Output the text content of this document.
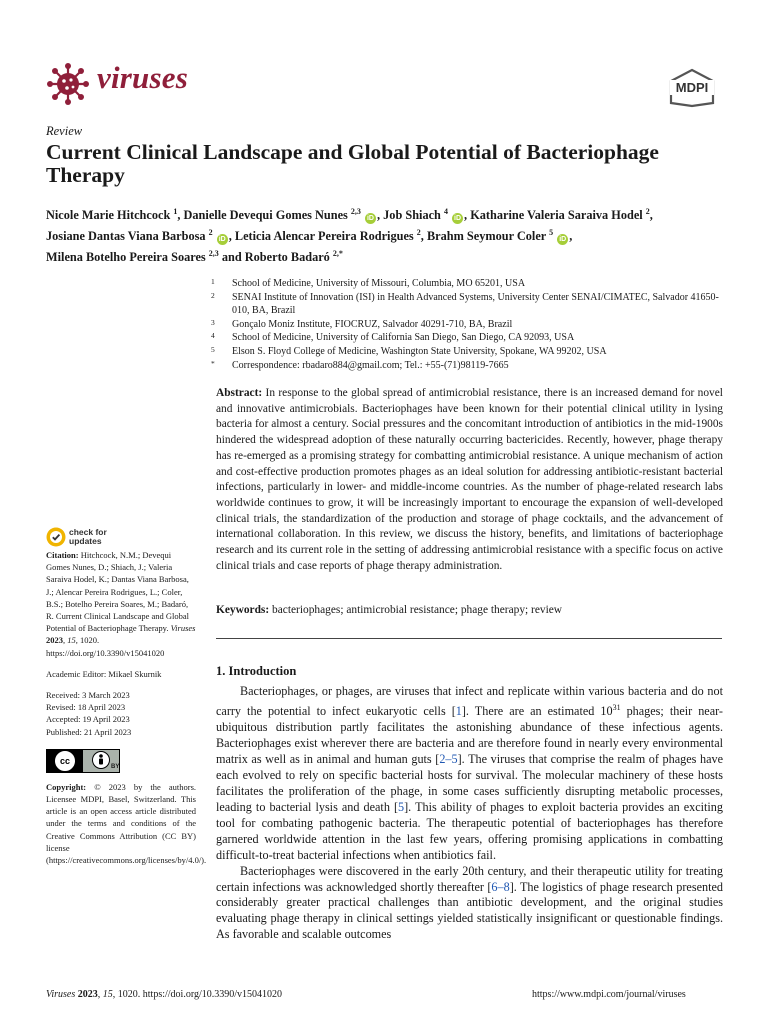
viruses	MDPI
Review
Current Clinical Landscape and Global Potential of Bacteriophage Therapy
Nicole Marie Hitchcock $^1$, Danielle Devequi Gomes Nunes $^{2,3}$ iD , Job Shiach $^4$ iD , Katharine Valeria Saraiva Hodel $^2$,
Josiane Dantas Viana Barbosa $^2$ iD , Leticia Alencar Pereira Rodrigues $^2$, Brahm Seymour Coler $^5$ iD ,
Milena Botelho Pereira Soares $^{2,3}$ and Roberto Badaró $^{2,*}$
1	School of Medicine, University of Missouri, Columbia, MO 65201, USA
2	SENAI Institute of Innovation (ISI) in Health Advanced Systems, University Center SENAI/CIMATEC, Salvador 41650-010, BA, Brazil
3	Gonçalo Moniz Institute, FIOCRUZ, Salvador 40291-710, BA, Brazil
4	School of Medicine, University of California San Diego, San Diego, CA 92093, USA
5	Elson S. Floyd College of Medicine, Washington State University, Spokane, WA 99202, USA
*	Correspondence: rbadaro884@gmail.com; Tel.: +55-(71)98119-7665
Abstract: In response to the global spread of antimicrobial resistance, there is an increased demand for novel and innovative antimicrobials. Bacteriophages have been known for their potential clinical utility in lysing bacteria for almost a century. Social pressures and the concomitant introduction of antibiotics in the mid-1900s hindered the widespread adoption of these naturally occurring bactericides. Recently, however, phage therapy has re-emerged as a promising strategy for combatting antimicrobial resistance. A unique mechanism of action and cost-effective production promotes phages as an ideal solution for addressing antibiotic-resistant bacterial infections, particularly in lower- and middle-income countries. As the number of phage-related research labs worldwide continues to grow, it will be increasingly important to encourage the expansion of well-developed clinical trials, the standardization of the production and storage of phage cocktails, and the advancement of international collaboration. In this review, we discuss the history, benefits, and limitations of bacteriophage research and its current role in the setting of addressing antimicrobial resistance with a specific focus on active clinical trials and case reports of phage therapy administration.
Keywords: bacteriophages; antimicrobial resistance; phage therapy; review
check for
updates

Citation: Hitchcock, N.M.; Devequi Gomes Nunes, D.; Shiach, J.; Valeria Saraiva Hodel, K.; Dantas Viana Barbosa, J.; Alencar Pereira Rodrigues, L.; Coler, B.S.; Botelho Pereira Soares, M.; Badaró, R. Current Clinical Landscape and Global Potential of Bacteriophage Therapy. Viruses 2023, 15, 1020. https://doi.org/10.3390/v15041020

Academic Editor: Mikael Skurnik

Received: 3 March 2023

Revised: 18 April 2023

Accepted: 19 April 2023

Published: 21 April 2023

cc
BY

Copyright: © 2023 by the authors. Licensee MDPI, Basel, Switzerland. This article is an open access article distributed under the terms and conditions of the Creative Commons Attribution (CC BY) license (https://creativecommons.org/licenses/by/4.0/).

1. Introduction

Bacteriophages, or phages, are viruses that infect and replicate within various bacteria and do not carry the potential to infect eukaryotic cells [1]. There are an estimated $10^{31}$ phages; their near-ubiquitous distribution partly facilitates the astonishing abundance of these infectious agents. Bacteriophages exist wherever there are bacteria and are therefore found in nearly every environmental matrix as well as in animal and human guts [2–5]. The viruses that comprise the realm of phages have each evolved to rely on specific bacterial hosts for survival. The molecular machinery of these hosts facilitates the proliferation of the phage, in some cases sufficiently disrupting metabolic processes, leading to bacterial lysis and death [5]. This ability of phages to exploit bacteria provides an exciting tool for combating pathogenic bacteria. The therapeutic potential of bacteriophages has therefore garnered worldwide attention in the last few years, offering promising applications in combatting difficult-to-treat bacterial infections when antibiotics fail.

Bacteriophages were discovered in the early 20th century, and their therapeutic utility for treating certain infections was acknowledged shortly thereafter [6–8]. The logistics of phage research presented considerably greater practical challenges than antibiotic development, and the original studies evaluating phage therapy in clinical settings yielded statistically insignificant or questionable findings. As favorable and scalable outcomes

Viruses 2023, 15, 1020. https://doi.org/10.3390/v15041020	https://www.mdpi.com/journal/viruses
